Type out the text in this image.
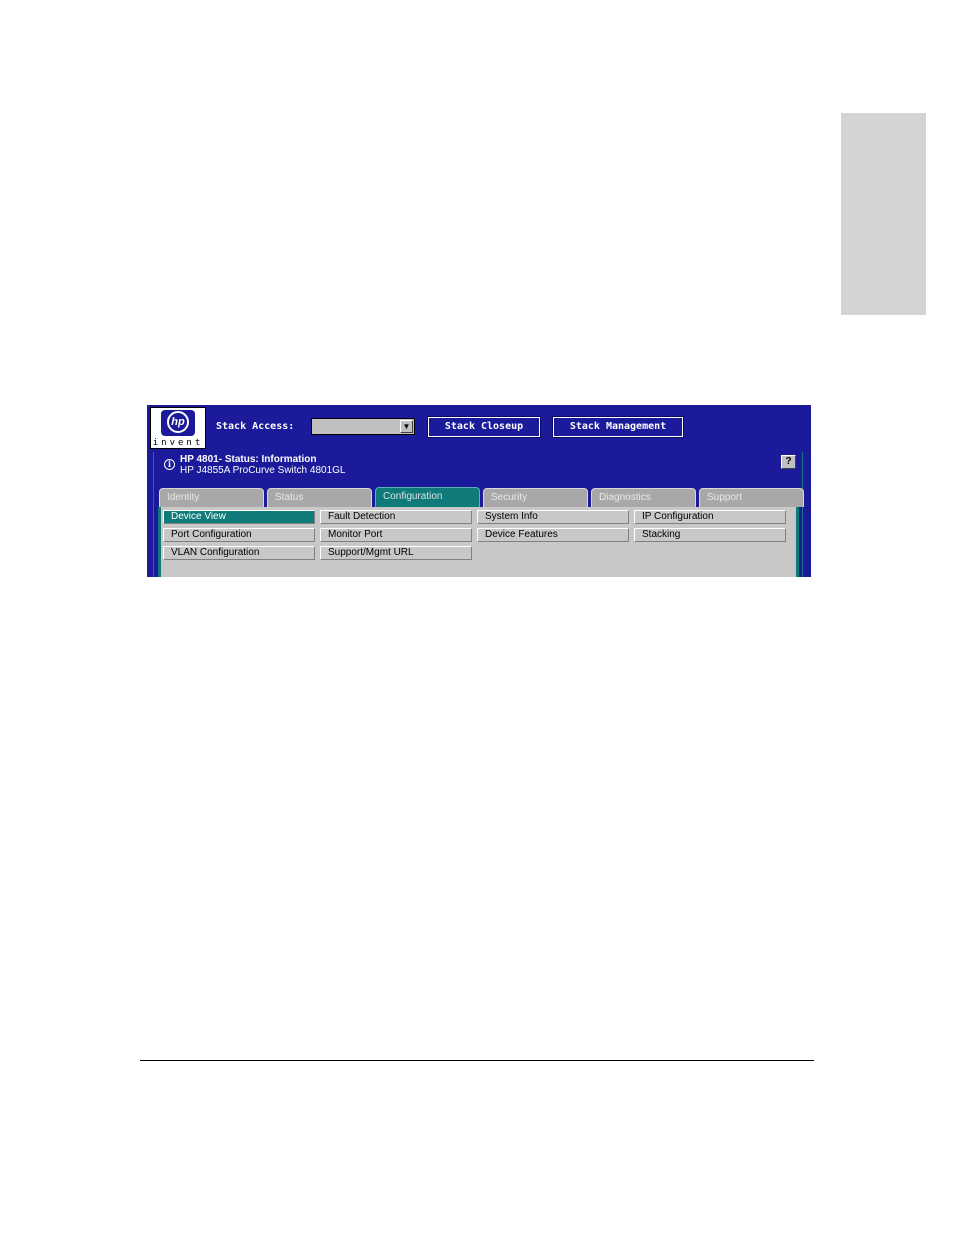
hp
invent
Stack Access:	▼	Stack Closeup	Stack Management
i HP 4801- Status: Information
HP J4855A ProCurve Switch 4801GL
?
Identity	Status	Configuration	Security	Diagnostics	Support
Device View	Fault Detection	System Info	IP Configuration
Port Configuration	Monitor Port	Device Features	Stacking
VLAN Configuration	Support/Mgmt URL
